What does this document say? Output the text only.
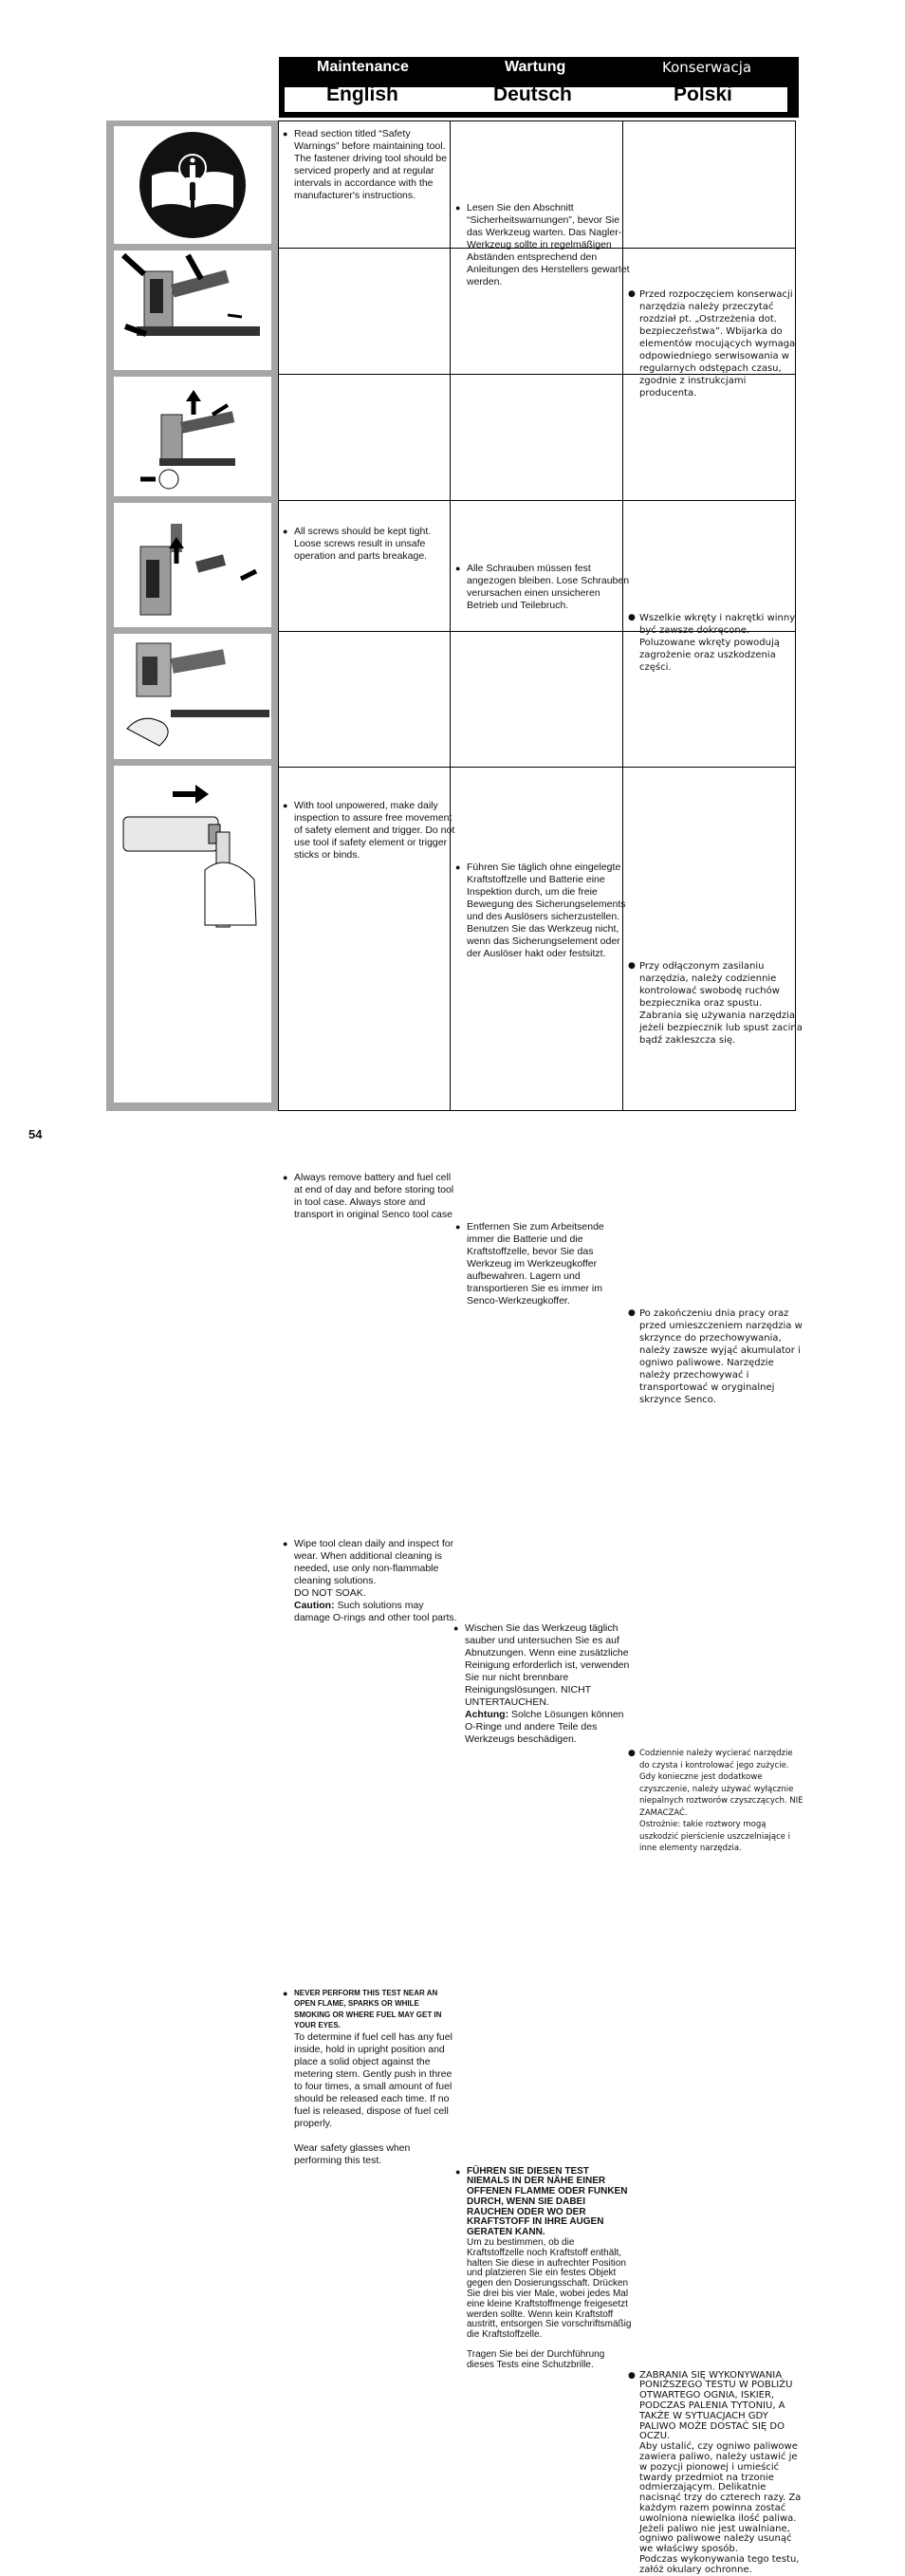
Maintenance	Wartung	Konserwacja
English	Deutsch	Polski
● Read section titled “Safety Warnings” before maintaining tool. The fastener driving tool should be serviced properly and at regular intervals in accordance with the manufacturer's instructions.
● Lesen Sie den Abschnitt “Sicherheitswarnungen”, bevor Sie das Werkzeug warten. Das Nagler-Werkzeug sollte in regelmäßigen Abständen entsprechend den Anleitungen des Herstellers gewartet werden.
● Przed rozpoczęciem konserwacji narzędzia należy przeczytać rozdział pt. „Ostrzeżenia dot. bezpieczeństwa”. Wbijarka do elementów mocujących wymaga odpowiedniego serwisowania w regularnych odstępach czasu, zgodnie z instrukcjami producenta.
● All screws should be kept tight. Loose screws result in unsafe operation and parts breakage.
● Alle Schrauben müssen fest angezogen bleiben. Lose Schrauben verursachen einen unsicheren Betrieb und Teilebruch.
● Wszelkie wkręty i nakrętki winny być zawsze dokręcone. Poluzowane wkręty powodują zagrożenie oraz uszkodzenia części.
● With tool unpowered, make daily inspection to assure free movement of safety element and trigger. Do not use tool if safety element or trigger sticks or binds.
● Führen Sie täglich ohne eingelegte Kraftstoffzelle und Batterie eine Inspektion durch, um die freie Bewegung des Sicherungselements und des Auslösers sicherzustellen. Benutzen Sie das Werkzeug nicht, wenn das Sicherungselement oder der Auslöser hakt oder festsitzt.
● Przy odłączonym zasilaniu narzędzia, należy codziennie kontrolować swobodę ruchów bezpiecznika oraz spustu. Zabrania się używania narzędzia jeżeli bezpiecznik lub spust zacina bądź zakleszcza się.
● Always remove battery and fuel cell at end of day and before storing tool in tool case. Always store and transport in original Senco tool case
● Entfernen Sie zum Arbeitsende immer die Batterie und die Kraftstoffzelle, bevor Sie das Werkzeug im Werkzeugkoffer aufbewahren. Lagern und transportieren Sie es immer im Senco-Werkzeugkoffer.
● Po zakończeniu dnia pracy oraz przed umieszczeniem narzędzia w skrzynce do przechowywania, należy zawsze wyjąć akumulator i ogniwo paliwowe. Narzędzie należy przechowywać i transportować w oryginalnej skrzynce Senco.
● Wipe tool clean daily and inspect for wear. When additional cleaning is needed, use only non-flammable cleaning solutions.
DO NOT SOAK.
Caution: Such solutions may damage O-rings and other tool parts.
● Wischen Sie das Werkzeug täglich sauber und untersuchen Sie es auf Abnutzungen. Wenn eine zusätzliche Reinigung erforderlich ist, verwenden Sie nur nicht brennbare Reinigungslösungen. NICHT UNTERTAUCHEN.
Achtung: Solche Lösungen können O-Ringe und andere Teile des Werkzeugs beschädigen.
● Codziennie należy wycierać narzędzie do czysta i kontrolować jego zużycie. Gdy konieczne jest dodatkowe czyszczenie, należy używać wyłącznie niepalnych roztworów czyszczących. NIE ZAMACZAĆ.
Ostrożnie: takie roztwory mogą uszkodzić pierścienie uszczelniające i inne elementy narzędzia.
● NEVER PERFORM THIS TEST NEAR AN OPEN FLAME, SPARKS OR WHILE SMOKING OR WHERE FUEL MAY GET IN YOUR EYES.
To determine if fuel cell has any fuel inside, hold in upright position and place a solid object against the metering stem. Gently push in three to four times, a small amount of fuel should be released each time. If no fuel is released, dispose of fuel cell properly.
Wear safety glasses when performing this test.
● FÜHREN SIE DIESEN TEST NIEMALS IN DER NÄHE EINER OFFENEN FLAMME ODER FUNKEN DURCH, WENN SIE DABEI RAUCHEN ODER WO DER KRAFTSTOFF IN IHRE AUGEN GERATEN KANN.
Um zu bestimmen, ob die Kraftstoffzelle noch Kraftstoff enthält, halten Sie diese in aufrechter Position und platzieren Sie ein festes Objekt gegen den Dosierungsschaft. Drücken Sie drei bis vier Male, wobei jedes Mal eine kleine Kraftstoffmenge freigesetzt werden sollte. Wenn kein Kraftstoff austritt, entsorgen Sie vorschriftsmäßig die Kraftstoffzelle.
Tragen Sie bei der Durchführung dieses Tests eine Schutzbrille.
● ZABRANIA SIĘ WYKONYWANIA PONIŻSZEGO TESTU W POBLIŻU OTWARTEGO OGNIA, ISKIER, PODCZAS PALENIA TYTONIU, A TAKŻE W SYTUACJACH GDY PALIWO MOŻE DOSTAĆ SIĘ DO OCZU.
Aby ustalić, czy ogniwo paliwowe zawiera paliwo, należy ustawić je w pozycji pionowej i umieścić twardy przedmiot na trzonie odmierzającym. Delikatnie nacisnąć trzy do czterech razy. Za każdym razem powinna zostać uwolniona niewielka ilość paliwa. Jeżeli paliwo nie jest uwalniane, ogniwo paliwowe należy usunąć we właściwy sposób.
Podczas wykonywania tego testu, załóż okulary ochronne.
54
